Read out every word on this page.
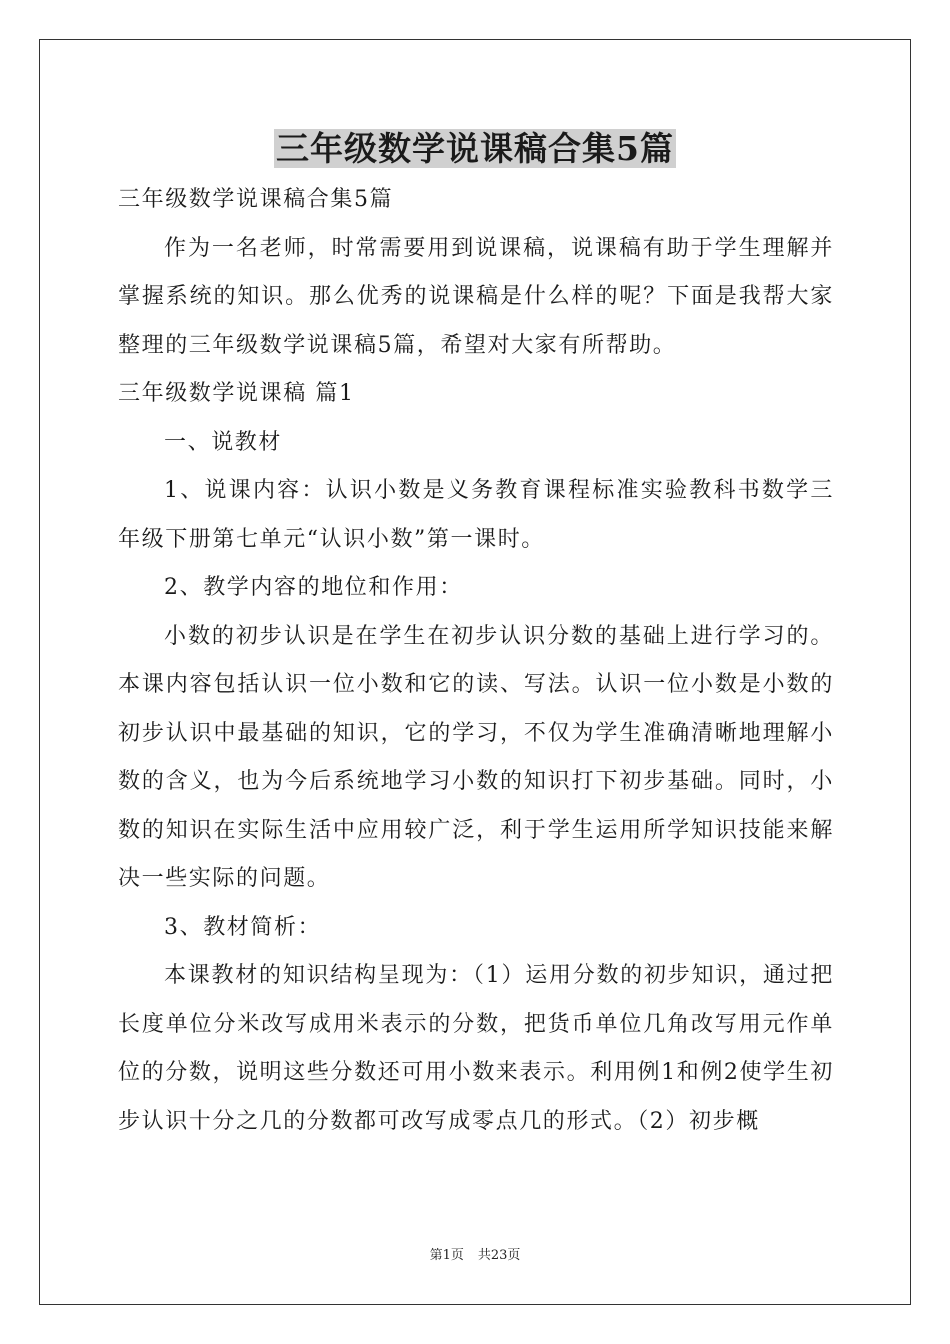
三年级数学说课稿合集5篇

三年级数学说课稿合集5篇

作为一名老师，时常需要用到说课稿，说课稿有助于学生理解并掌握系统的知识。那么优秀的说课稿是什么样的呢？下面是我帮大家整理的三年级数学说课稿5篇，希望对大家有所帮助。

三年级数学说课稿 篇1

一、说教材

1、说课内容：认识小数是义务教育课程标准实验教科书数学三年级下册第七单元“认识小数”第一课时。

2、教学内容的地位和作用：

小数的初步认识是在学生在初步认识分数的基础上进行学习的。本课内容包括认识一位小数和它的读、写法。认识一位小数是小数的初步认识中最基础的知识，它的学习，不仅为学生准确清晰地理解小数的含义，也为今后系统地学习小数的知识打下初步基础。同时，小数的知识在实际生活中应用较广泛，利于学生运用所学知识技能来解决一些实际的问题。

3、教材简析：

本课教材的知识结构呈现为：（1）运用分数的初步知识，通过把长度单位分米改写成用米表示的分数，把货币单位几角改写用元作单位的分数，说明这些分数还可用小数来表示。利用例1和例2使学生初步认识十分之几的分数都可改写成零点几的形式。（2）初步概

第1页 共23页
